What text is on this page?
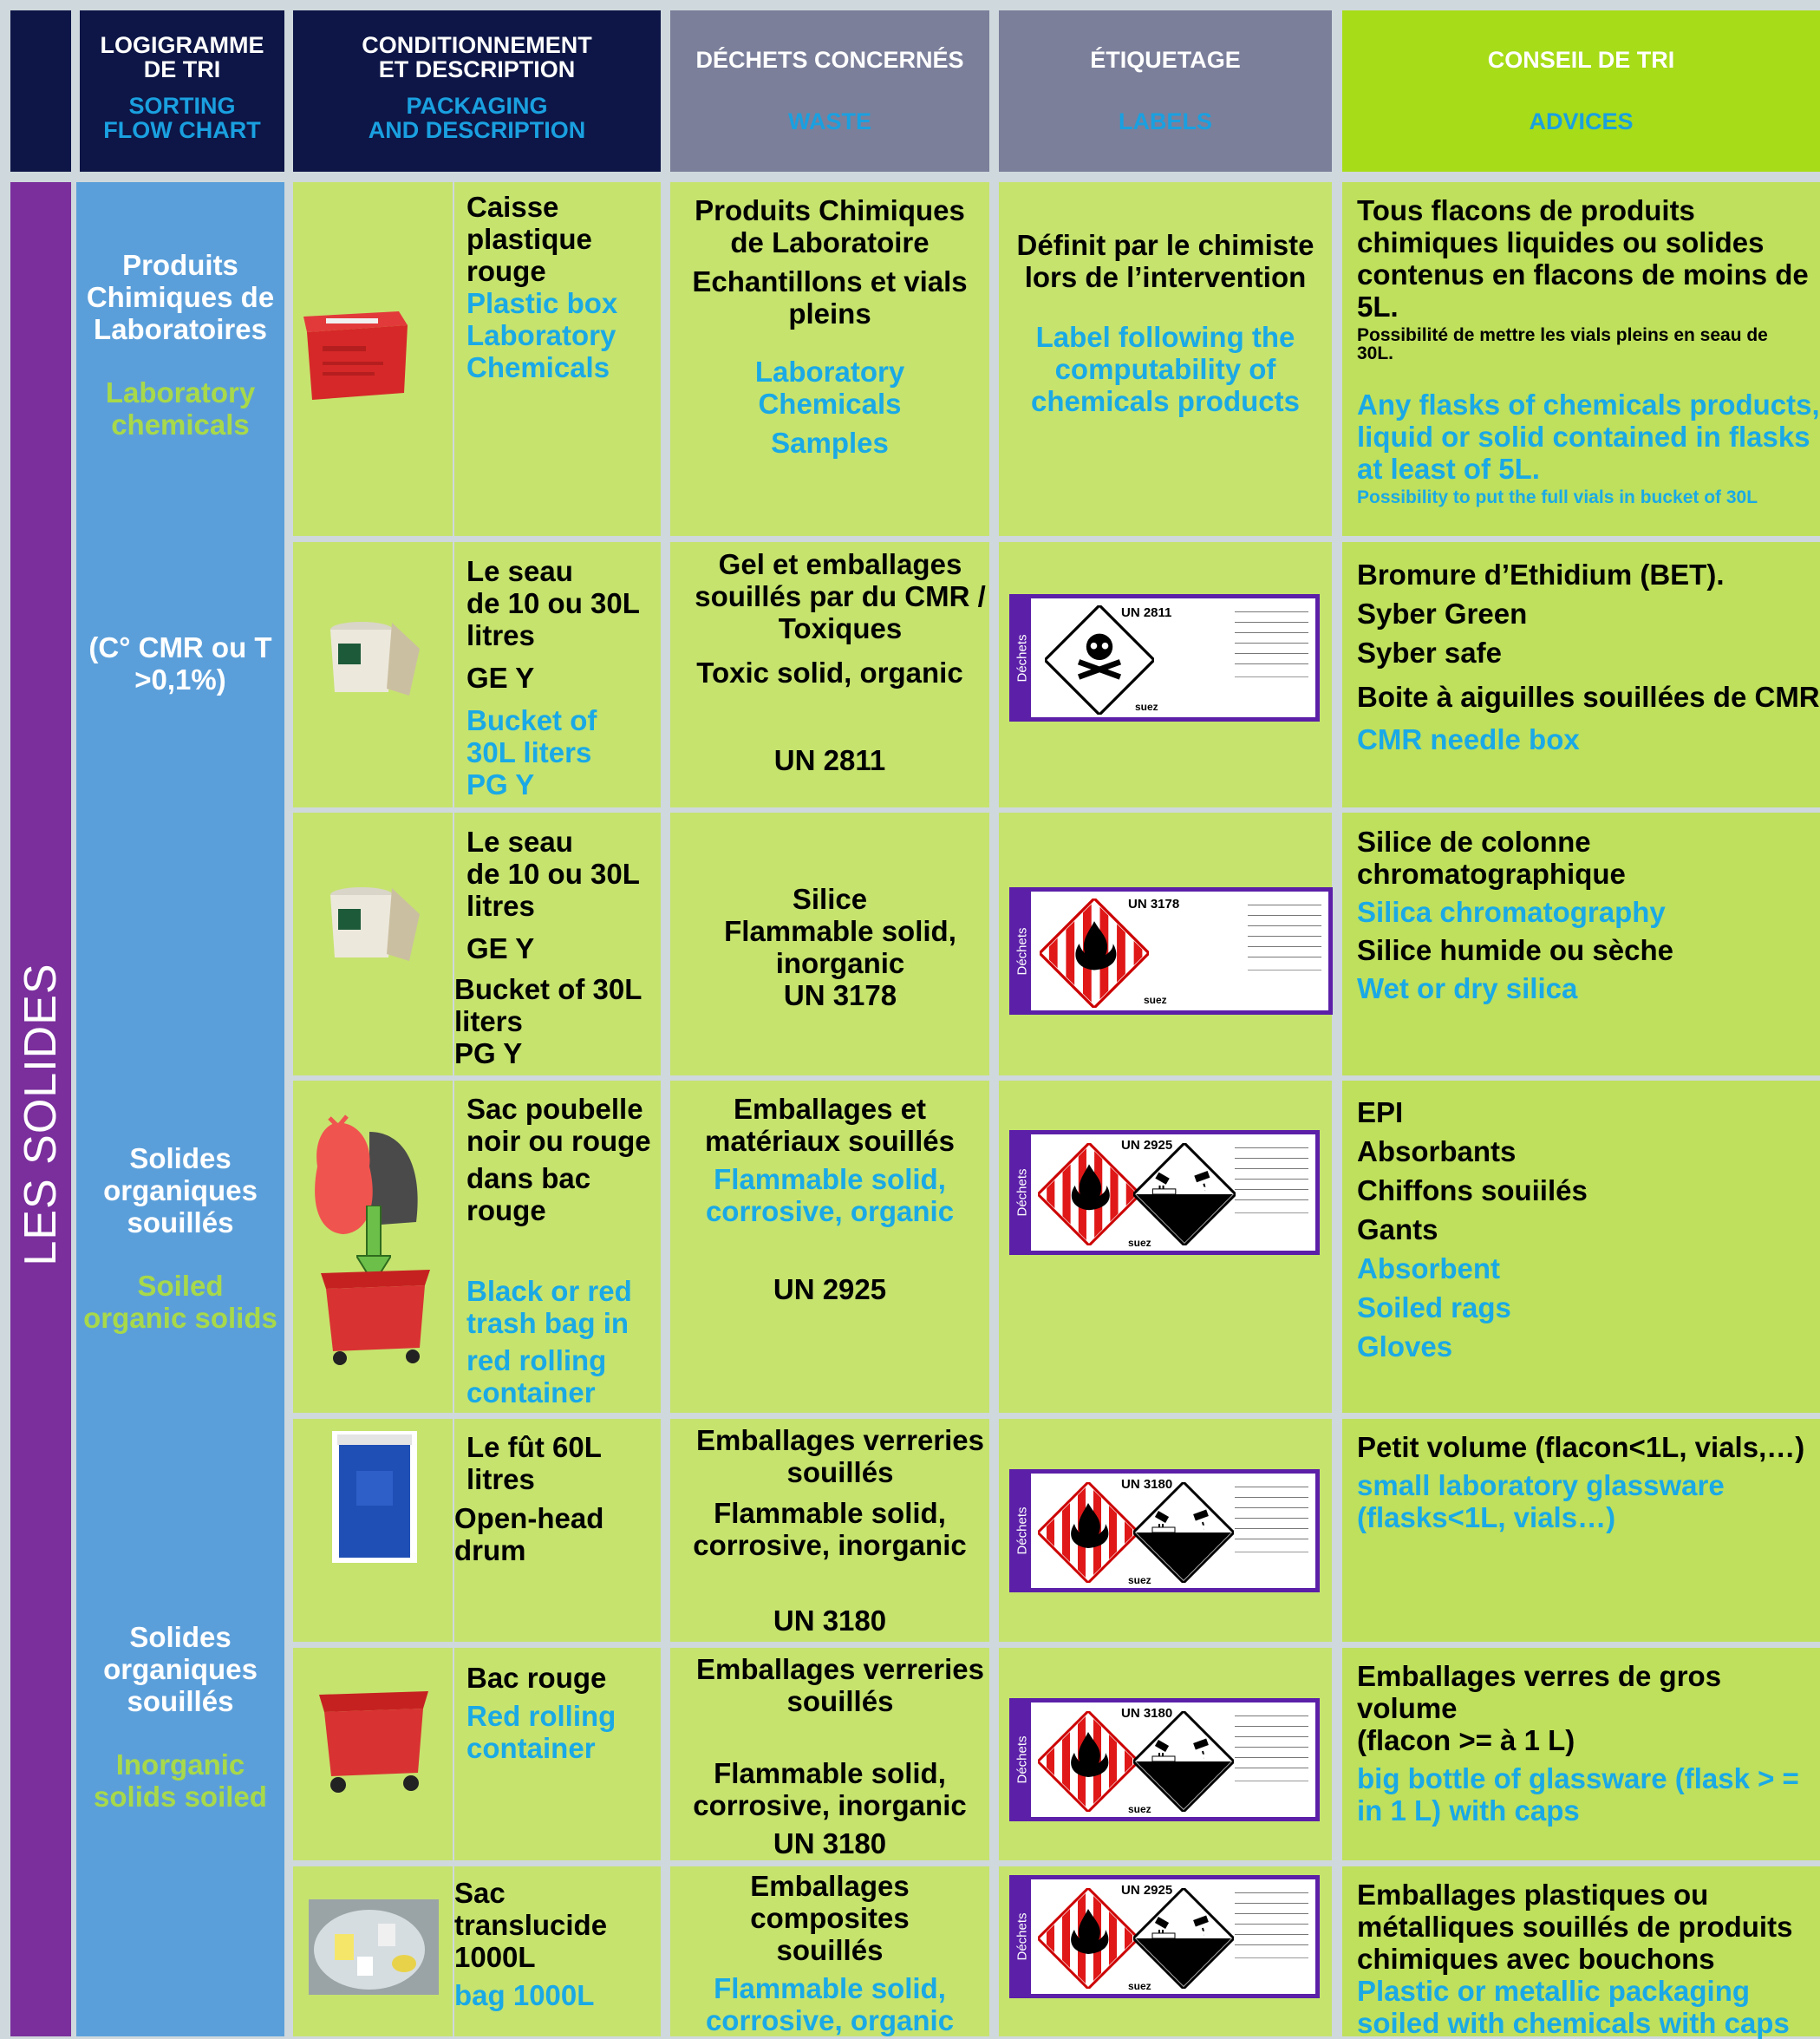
LOGIGRAMME
DE TRI
SORTING
FLOW CHART
CONDITIONNEMENT
ET DESCRIPTION
PACKAGING
AND DESCRIPTION
DÉCHETS CONCERNÉS
WASTE
ÉTIQUETAGE
LABELS
CONSEIL DE TRI
ADVICES
LES SOLIDES
Produits
Chimiques de
Laboratoires
Laboratory
chemicals
(C° CMR ou T
>0,1%)
Solides
organiques
souillés
Soiled
organic solids
Solides
organiques
souillés
Inorganic
solids soiled
Caisse
plastique
rouge
Plastic box
Laboratory
Chemicals
Produits Chimiques
de Laboratoire
Echantillons et vials
pleins
Laboratory
Chemicals
Samples
Définit par le chimiste
lors de l’intervention
Label following the
computability of
chemicals products
Tous flacons de produits
chimiques liquides ou solides
contenus en flacons de moins de
5L.
Possibilité de mettre les vials pleins en seau de
30L.
Any flasks of chemicals products,
liquid or solid contained in flasks
at least of 5L.
Possibility to put the full vials in bucket of 30L
Le seau
de 10 ou 30L
litres
GE Y
Bucket of
30L liters
PG Y
Gel et emballages
souillés par du CMR /
Toxiques
Toxic solid, organic
UN 2811
Bromure d’Ethidium (BET).
Syber Green
Syber safe
Boite à aiguilles souillées de CMR
CMR needle box
Le seau
de 10 ou 30L
litres
GE Y
Bucket of 30L
liters
PG Y
Silice
Flammable solid,
inorganic
UN 3178
Silice de colonne
chromatographique
Silica chromatography
Silice humide ou sèche
Wet or dry silica
Sac poubelle
noir ou rouge
dans bac
rouge
Black or red
trash bag in
red rolling
container
Emballages et
matériaux souillés
Flammable solid,
corrosive, organic
UN 2925
EPI
Absorbants
Chiffons souiilés
Gants
Absorbent
Soiled rags
Gloves
Le fût 60L
litres
Open-head
drum
Emballages verreries
souillés
Flammable solid,
corrosive, inorganic
UN 3180
Petit volume (flacon<1L, vials,…)
small laboratory glassware
(flasks<1L, vials…)
Bac rouge
Red rolling
container
Emballages verreries
souillés
Flammable solid,
corrosive, inorganic
UN 3180
Emballages verres de gros volume
(flacon >= à 1 L)
big bottle of glassware (flask > =
in 1 L) with caps
Sac
translucide
1000L
bag 1000L
Emballages composites
souillés
Flammable solid,
corrosive, organic
Emballages plastiques ou
métalliques souillés de produits
chimiques avec bouchons
Plastic or metallic packaging
soiled with chemicals with caps
Déchets
UN 2811
suez
Déchets
UN 3178
suez
Déchets
UN 2925
suez
Déchets
UN 3180
suez
Déchets
UN 3180
suez
Déchets
UN 2925
suez
